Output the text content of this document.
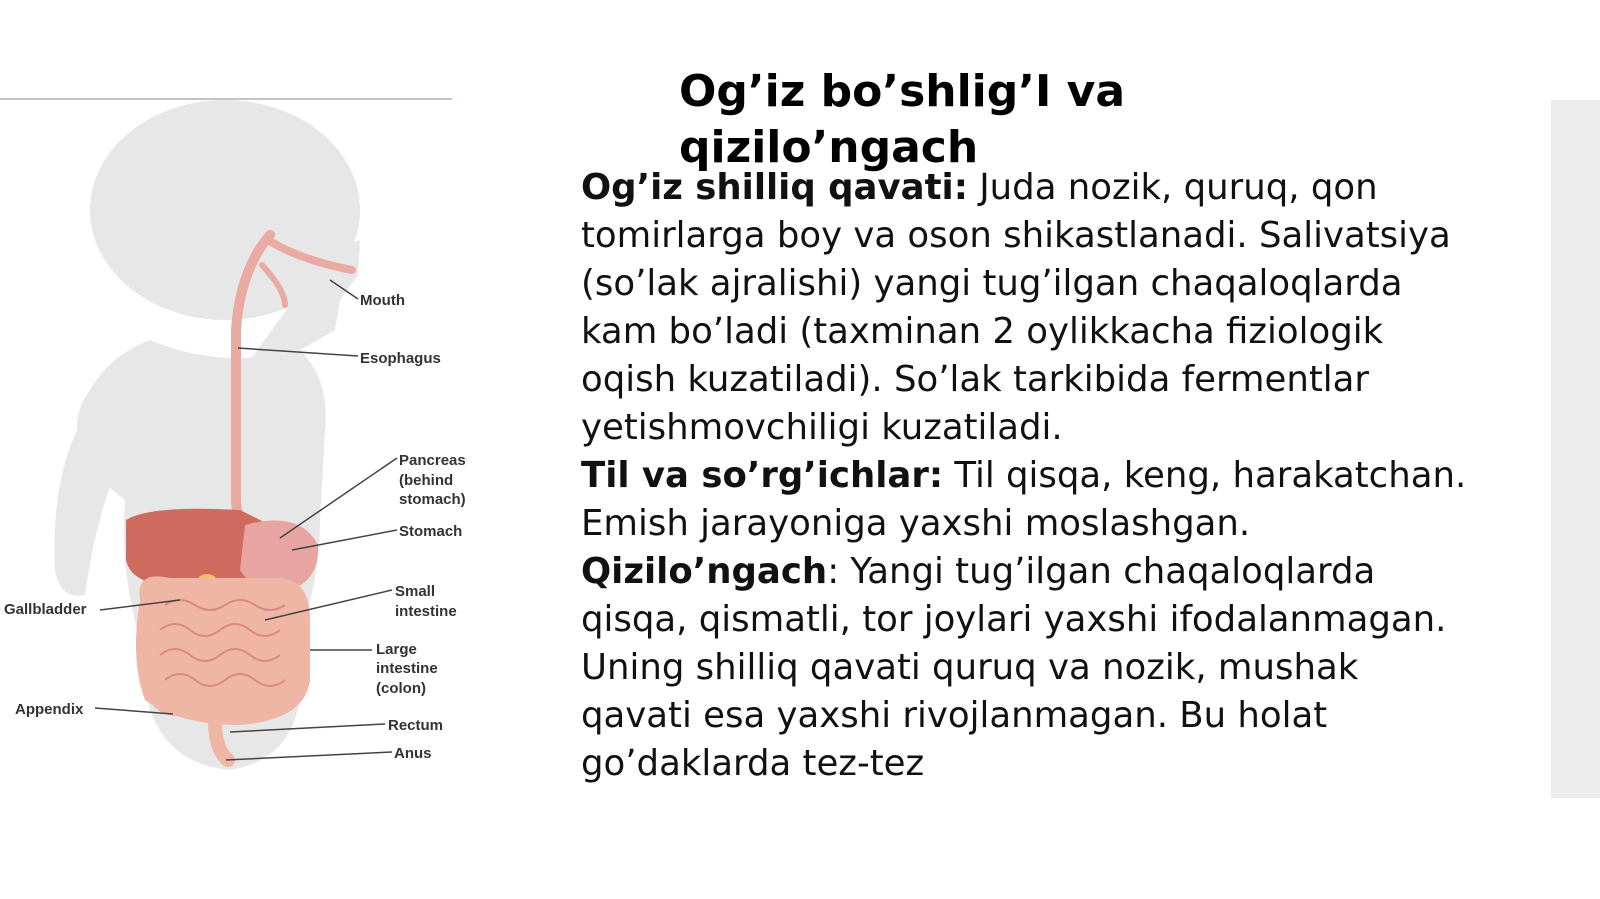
Mouth
Esophagus
Pancreas
(behind
stomach)
Stomach
Small
intestine
Gallbladder
Large
intestine
(colon)
Appendix
Rectum
Anus
Og’iz bo’shlig’I va qizilo’ngach

Og’iz shilliq qavati: Juda nozik, quruq, qon tomirlarga boy va oson shikastlanadi. Salivatsiya (so’lak ajralishi) yangi tug’ilgan chaqaloqlarda kam bo’ladi (taxminan 2 oylikkacha fiziologik oqish kuzatiladi). So’lak tarkibida fermentlar yetishmovchiligi kuzatiladi.

Til va so’rg’ichlar: Til qisqa, keng, harakatchan. Emish jarayoniga yaxshi moslashgan.

Qizilo’ngach: Yangi tug’ilgan chaqaloqlarda qisqa, qismatli, tor joylari yaxshi ifodalanmagan. Uning shilliq qavati quruq va nozik, mushak qavati esa yaxshi rivojlanmagan. Bu holat go’daklarda tez-tez
